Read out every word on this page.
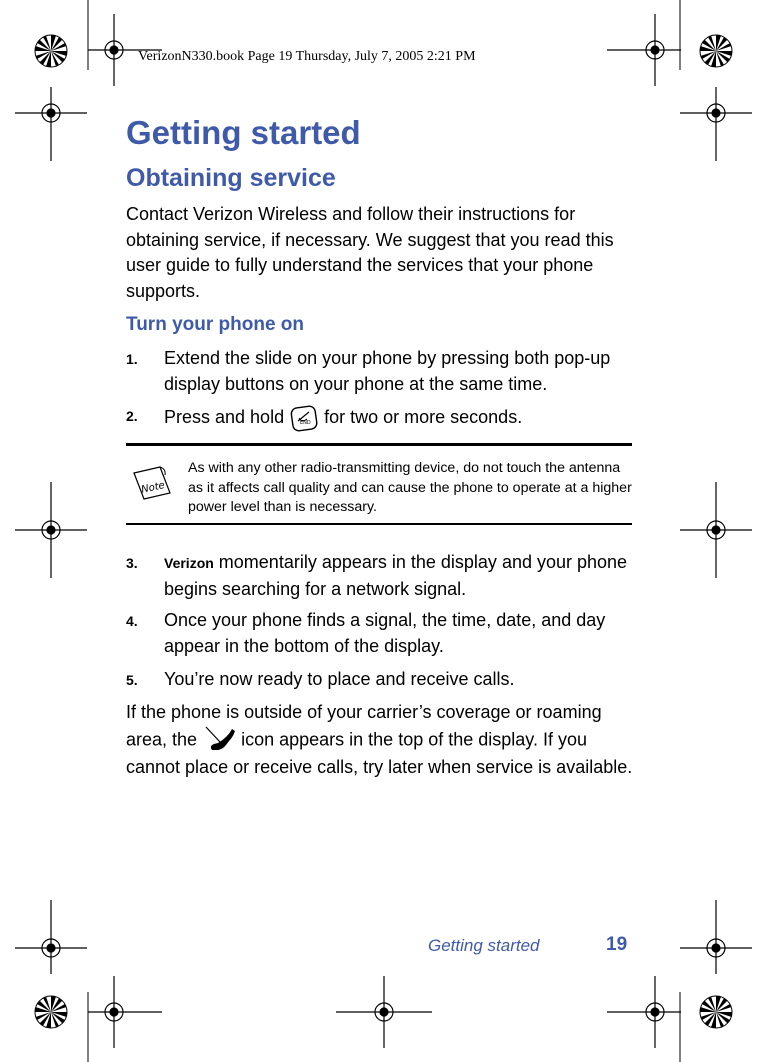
VerizonN330.book Page 19 Thursday, July 7, 2005 2:21 PM
Getting started
Obtaining service
Contact Verizon Wireless and follow their instructions for obtaining service, if necessary. We suggest that you read this user guide to fully understand the services that your phone supports.
Turn your phone on
1. Extend the slide on your phone by pressing both pop-up display buttons on your phone at the same time.
2. Press and hold	END for two or more seconds.
Note
As with any other radio-transmitting device, do not touch the antenna as it affects call quality and can cause the phone to operate at a higher power level than is necessary.
3. Verizon momentarily appears in the display and your phone begins searching for a network signal.
4. Once your phone finds a signal, the time, date, and day appear in the bottom of the display.
5. You’re now ready to place and receive calls.
If the phone is outside of your carrier’s coverage or roaming area, the icon appears in the top of the display. If you cannot place or receive calls, try later when service is available.
Getting started	19
